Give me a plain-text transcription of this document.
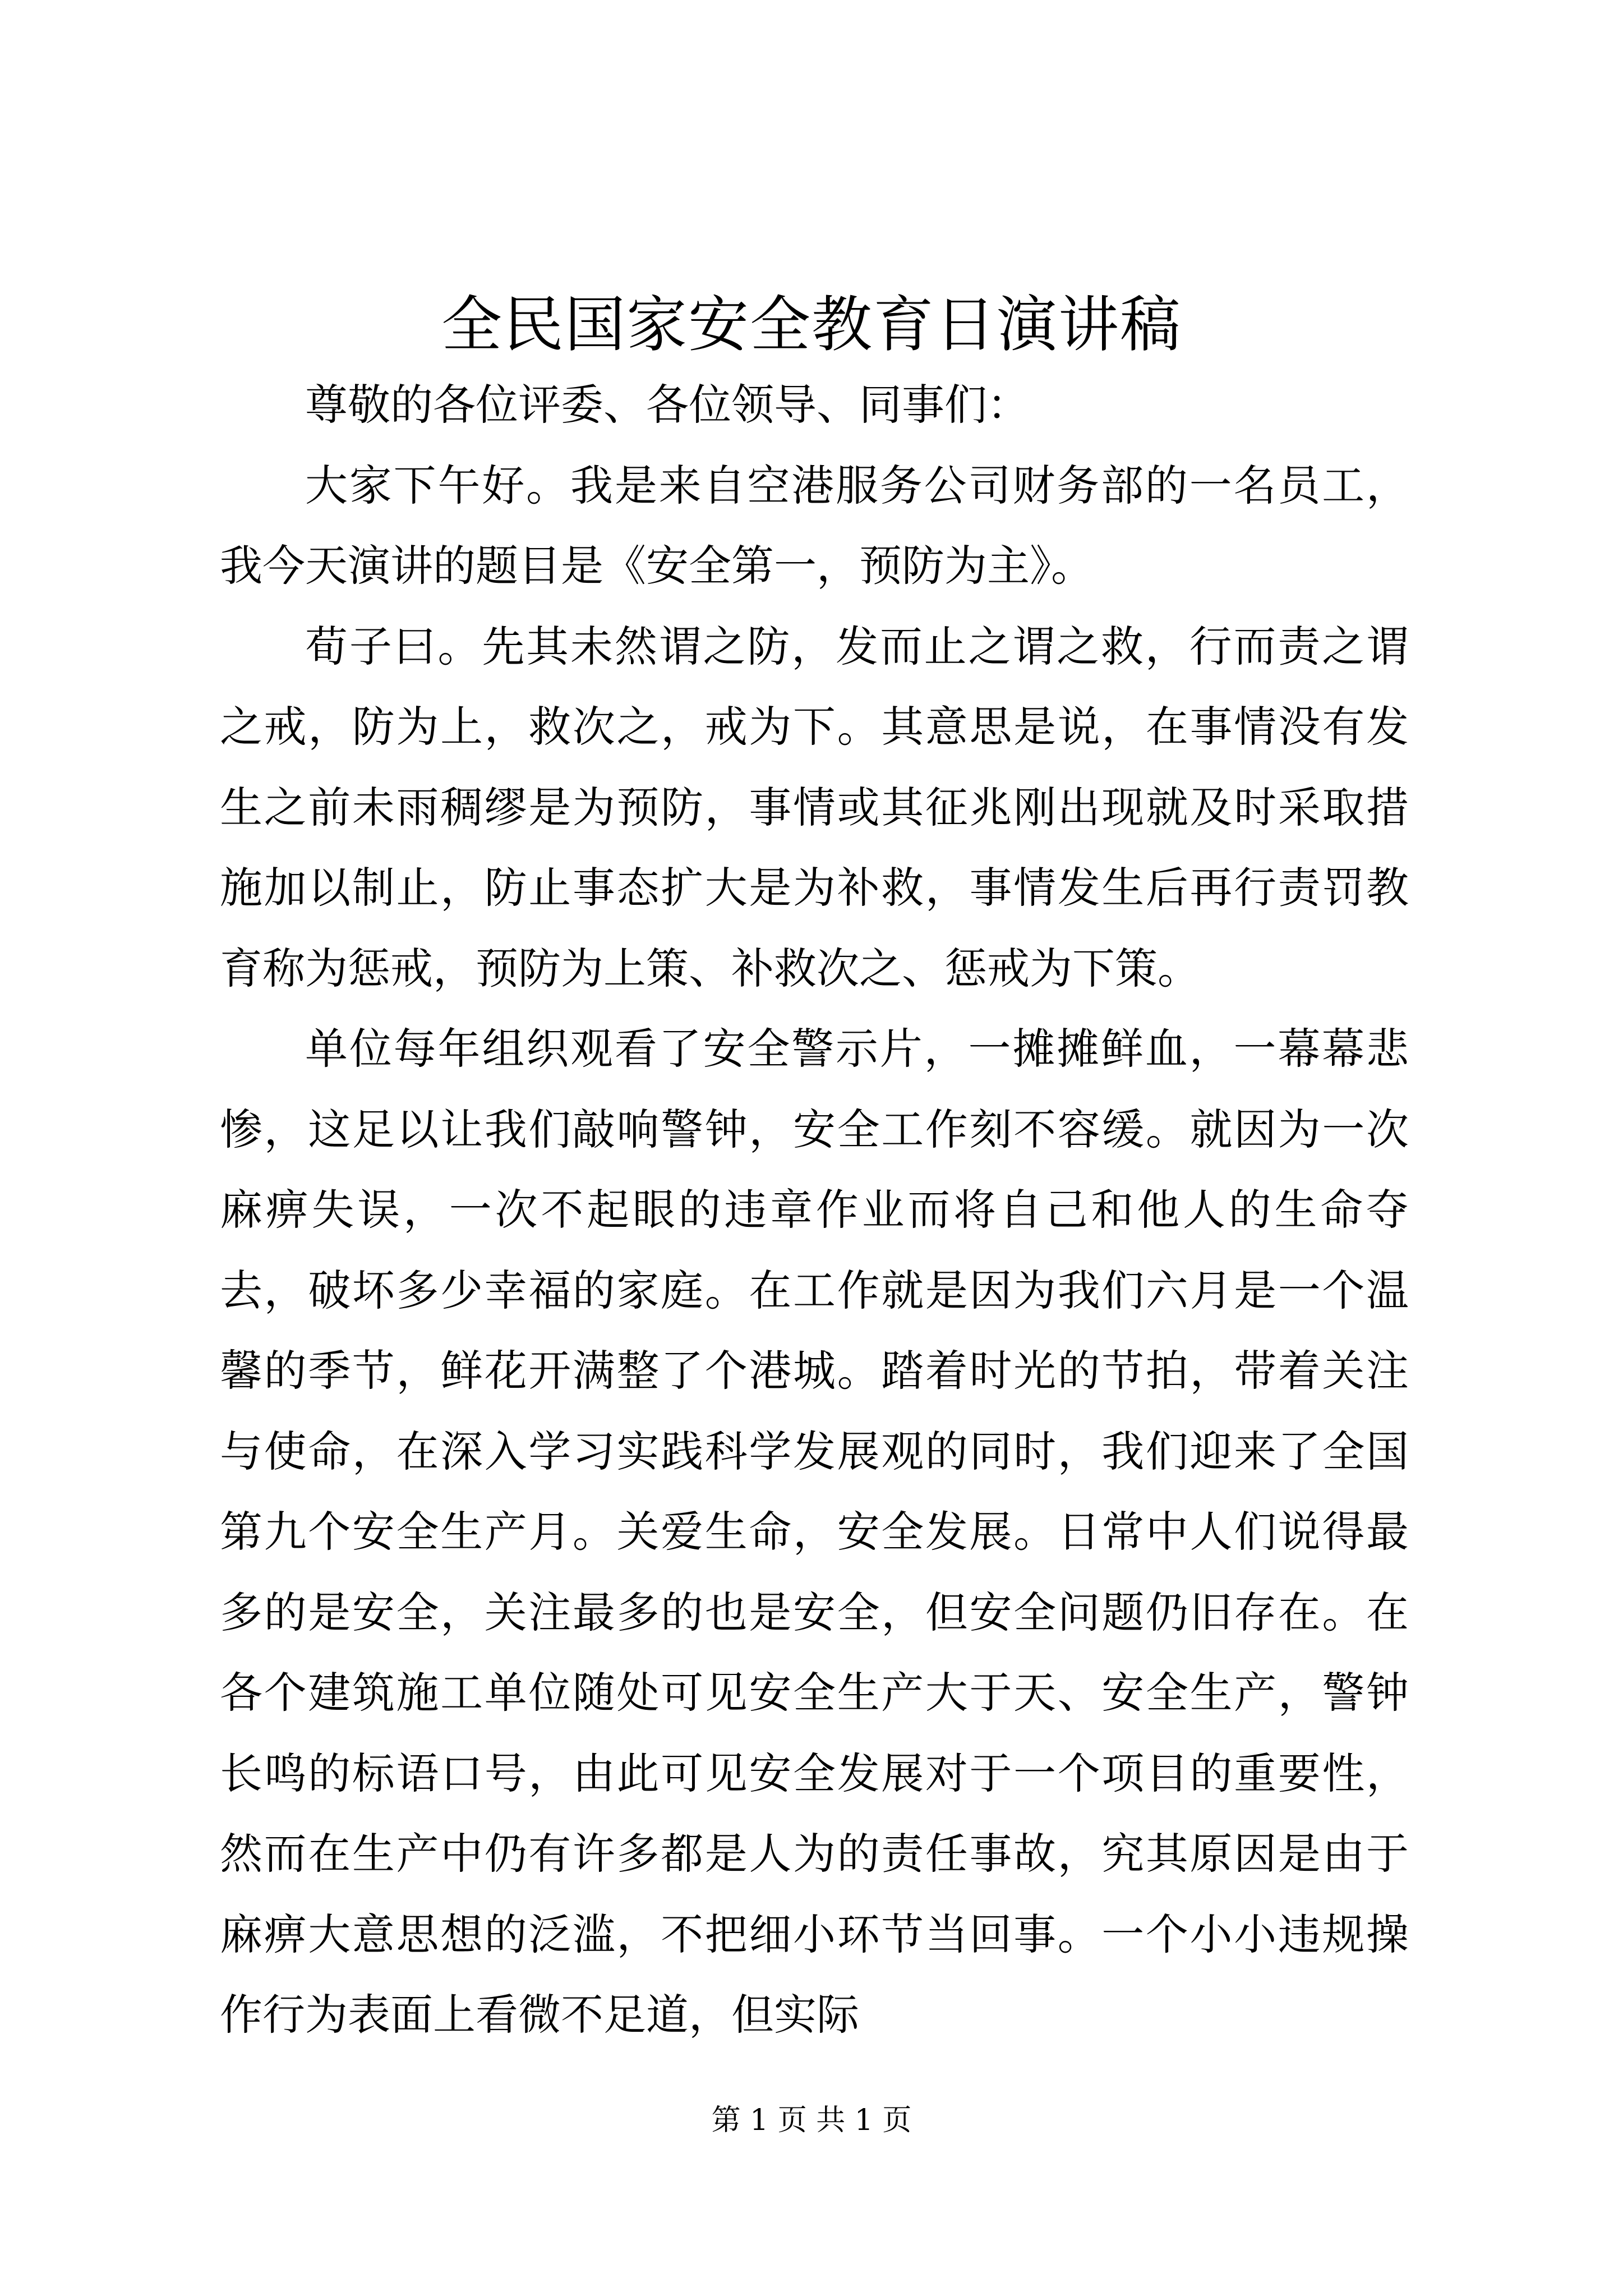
全民国家安全教育日演讲稿

尊敬的各位评委、各位领导、同事们：

大家下午好。我是来自空港服务公司财务部的一名员工，我今天演讲的题目是《安全第一，预防为主》。

荀子曰。先其未然谓之防，发而止之谓之救，行而责之谓之戒，防为上，救次之，戒为下。其意思是说，在事情没有发生之前未雨稠缪是为预防，事情或其征兆刚出现就及时采取措施加以制止，防止事态扩大是为补救，事情发生后再行责罚教育称为惩戒，预防为上策、补救次之、惩戒为下策。

单位每年组织观看了安全警示片，一摊摊鲜血，一幕幕悲惨，这足以让我们敲响警钟，安全工作刻不容缓。就因为一次麻痹失误，一次不起眼的违章作业而将自己和他人的生命夺去，破坏多少幸福的家庭。在工作就是因为我们六月是一个温馨的季节，鲜花开满整了个港城。踏着时光的节拍，带着关注与使命，在深入学习实践科学发展观的同时，我们迎来了全国第九个安全生产月。关爱生命，安全发展。日常中人们说得最多的是安全，关注最多的也是安全，但安全问题仍旧存在。在各个建筑施工单位随处可见安全生产大于天、安全生产，警钟长鸣的标语口号，由此可见安全发展对于一个项目的重要性，然而在生产中仍有许多都是人为的责任事故，究其原因是由于麻痹大意思想的泛滥，不把细小环节当回事。一个小小违规操作行为表面上看微不足道，但实际

第 1 页 共 1 页
